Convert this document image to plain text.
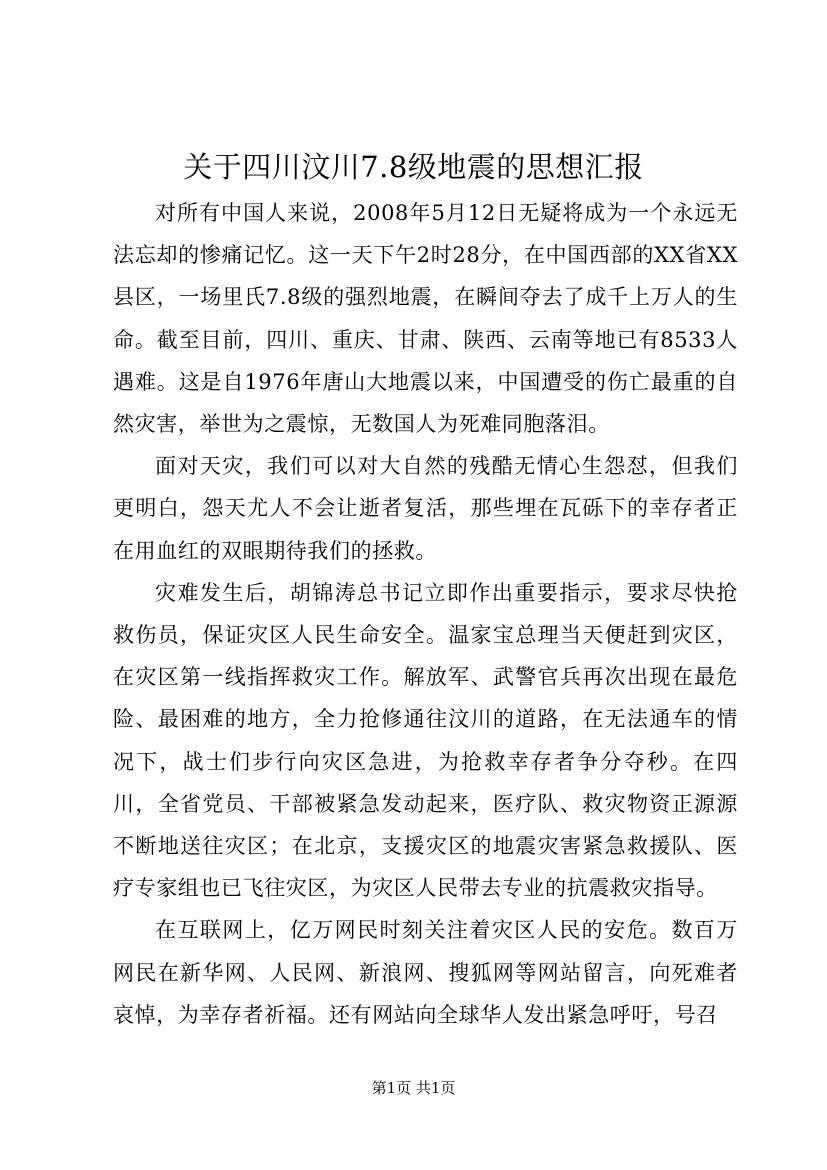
关于四川汶川7.8级地震的思想汇报

对所有中国人来说，2008年5月12日无疑将成为一个永远无法忘却的惨痛记忆。这一天下午2时28分，在中国西部的XX省XX县区，一场里氏7.8级的强烈地震，在瞬间夺去了成千上万人的生命。截至目前，四川、重庆、甘肃、陕西、云南等地已有8533人遇难。这是自1976年唐山大地震以来，中国遭受的伤亡最重的自然灾害，举世为之震惊，无数国人为死难同胞落泪。

面对天灾，我们可以对大自然的残酷无情心生怨怼，但我们更明白，怨天尤人不会让逝者复活，那些埋在瓦砾下的幸存者正在用血红的双眼期待我们的拯救。

灾难发生后，胡锦涛总书记立即作出重要指示，要求尽快抢救伤员，保证灾区人民生命安全。温家宝总理当天便赶到灾区，在灾区第一线指挥救灾工作。解放军、武警官兵再次出现在最危险、最困难的地方，全力抢修通往汶川的道路，在无法通车的情况下，战士们步行向灾区急进，为抢救幸存者争分夺秒。在四川，全省党员、干部被紧急发动起来，医疗队、救灾物资正源源不断地送往灾区；在北京，支援灾区的地震灾害紧急救援队、医疗专家组也已飞往灾区，为灾区人民带去专业的抗震救灾指导。

在互联网上，亿万网民时刻关注着灾区人民的安危。数百万网民在新华网、人民网、新浪网、搜狐网等网站留言，向死难者哀悼，为幸存者祈福。还有网站向全球华人发出紧急呼吁，号召

第1页 共1页
